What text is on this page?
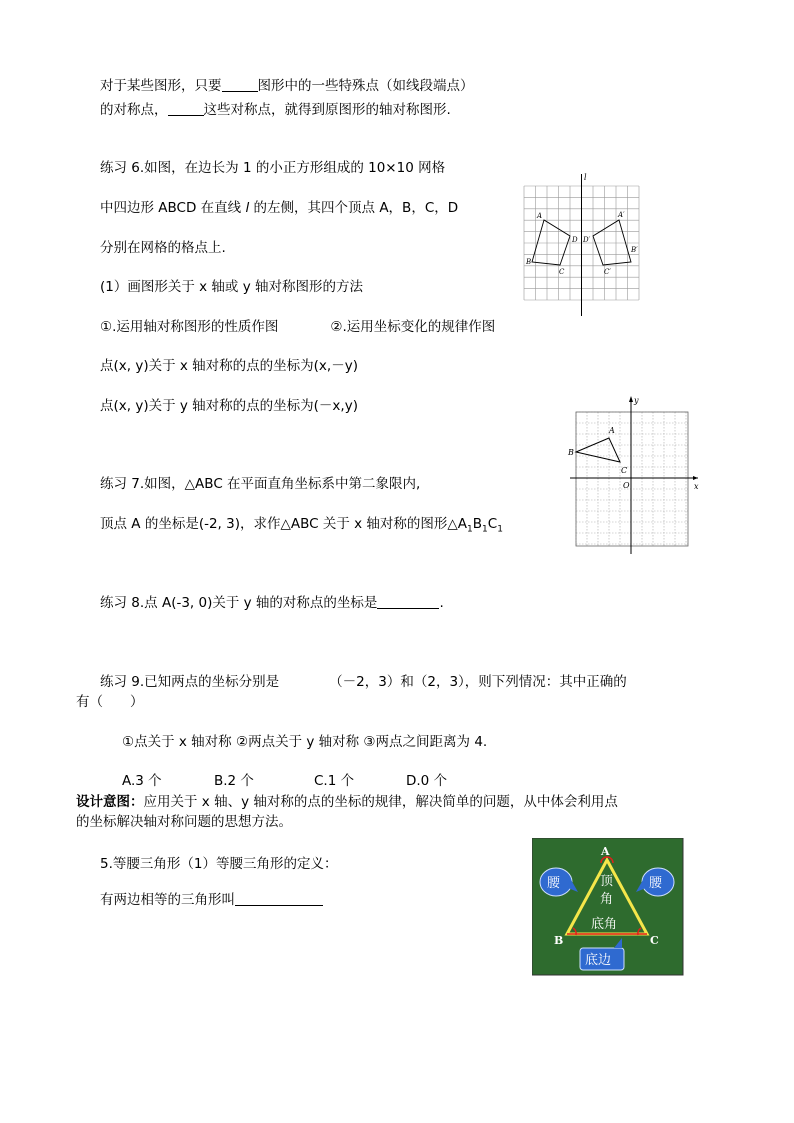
对于某些图形，只要	图形中的一些特殊点（如线段端点）
的对称点，	这些对称点，就得到原图形的轴对称图形.
练习 6.如图，在边长为 1 的小正方形组成的 10×10 网格
中四边形 ABCD 在直线 l 的左侧，其四个顶点 A，B，C，D
分别在网格的格点上.
(1）画图形关于 x 轴或 y 轴对称图形的方法
①.运用轴对称图形的性质作图	②.运用坐标变化的规律作图
点(x, y)关于 x 轴对称的点的坐标为(x,－y)
点(x, y)关于 y 轴对称的点的坐标为(－x,y)
l
A
B
C
D
A′
B′
C′
D′
练习 7.如图，△ABC 在平面直角坐标系中第二象限内,
顶点 A 的坐标是(-2, 3)，求作△ABC 关于 x 轴对称的图形$\triangle A_1B_1C_1$
x
y
O
A
B
C
练习 8.点 A(-3, 0)关于 y 轴的对称点的坐标是	.
练习 9.已知两点的坐标分别是	（－2，3）和（2，3），则下列情况：其中正确的
有（　　）
①点关于 x 轴对称 ②两点关于 y 轴对称 ③两点之间距离为 4.
A.3 个	B.2 个	C.1 个	D.0 个
设计意图：应用关于 x 轴、y 轴对称的点的坐标的规律，解决简单的问题，从中体会利用点
的坐标解决轴对称问题的思想方法。
5.等腰三角形（1）等腰三角形的定义：
有两边相等的三角形叫
A
B	C
腰	腰
顶
角
底角
底边
